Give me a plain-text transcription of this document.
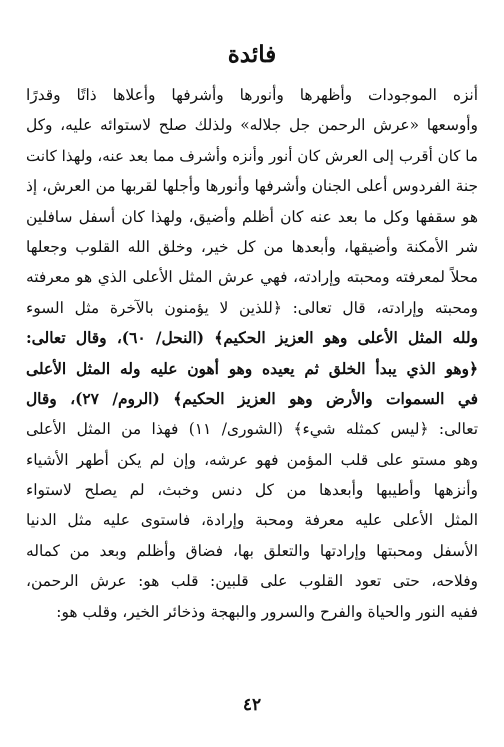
فائدة
أنزه الموجودات وأظهرها وأنورها وأشرفها وأعلاها ذاتًا وقدرًا
وأوسعها «عرش الرحمن جل جلاله» ولذلك صلح لاستوائه عليه، وكل
ما كان أقرب إلى العرش كان أنور وأنزه وأشرف مما بعد عنه، ولهذا كانت
جنة الفردوس أعلى الجنان وأشرفها وأنورها وأجلها لقربها من العرش، إذ
هو سقفها وكل ما بعد عنه كان أظلم وأضيق، ولهذا كان أسفل سافلين
شر الأمكنة وأضيقها، وأبعدها من كل خير، وخلق الله القلوب وجعلها
محلاً لمعرفته ومحبته وإرادته، فهي عرش المثل الأعلى الذي هو معرفته
ومحبته وإرادته، قال تعالى: ﴿للذين لا يؤمنون بالآخرة مثل السوء
ولله المثل الأعلى وهو العزيز الحكيم﴾ (النحل/ ٦٠)، وقال تعالى:
﴿وهو الذي يبدأ الخلق ثم يعيده وهو أهون عليه وله المثل الأعلى
في السموات والأرض وهو العزيز الحكيم﴾ (الروم/ ٢٧)، وقال
تعالى: ﴿ليس كمثله شيء﴾ (الشورى/ ١١) فهذا من المثل الأعلى
وهو مستو على قلب المؤمن فهو عرشه، وإن لم يكن أطهر الأشياء
وأنزهها وأطيبها وأبعدها من كل دنس وخبث، لم يصلح لاستواء
المثل الأعلى عليه معرفة ومحبة وإرادة، فاستوى عليه مثل الدنيا
الأسفل ومحبتها وإرادتها والتعلق بها، فضاق وأظلم وبعد من كماله
وفلاحه، حتى تعود القلوب على قلبين: قلب هو: عرش الرحمن،
ففيه النور والحياة والفرح والسرور والبهجة وذخائر الخير، وقلب هو:
٤٢
